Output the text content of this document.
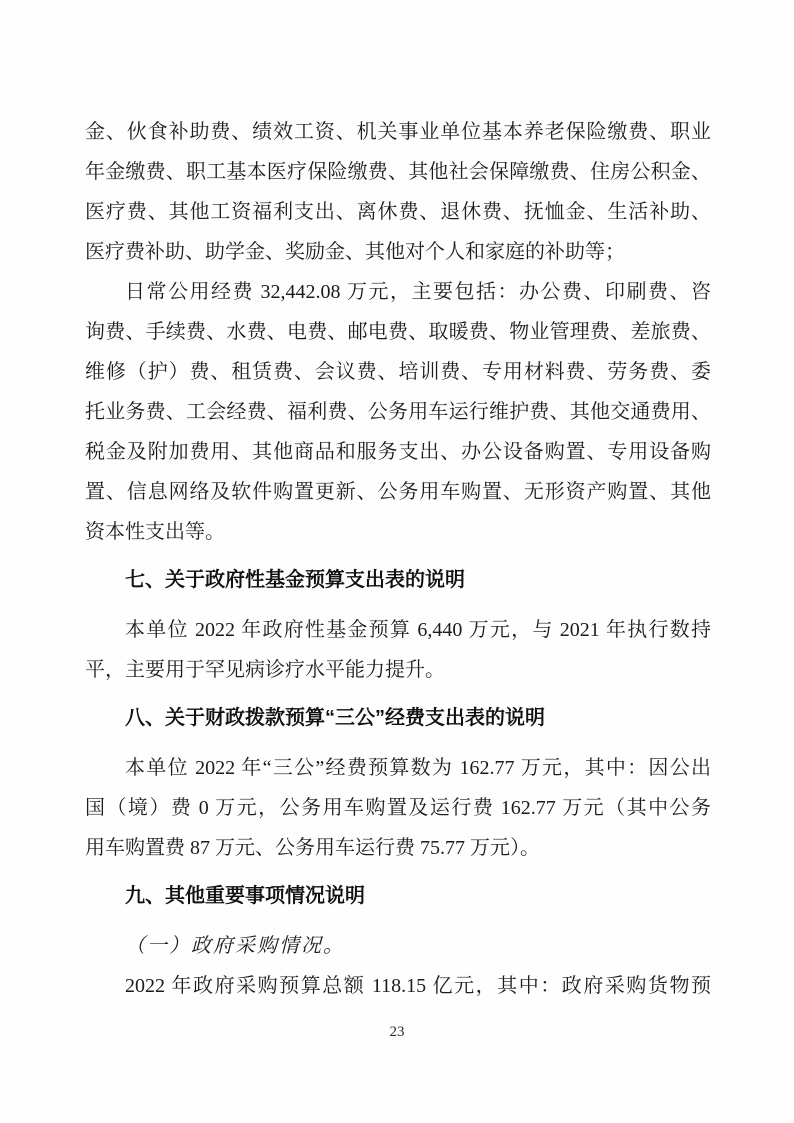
金、伙食补助费、绩效工资、机关事业单位基本养老保险缴费、职业
年金缴费、职工基本医疗保险缴费、其他社会保障缴费、住房公积金、
医疗费、其他工资福利支出、离休费、退休费、抚恤金、生活补助、
医疗费补助、助学金、奖励金、其他对个人和家庭的补助等；
日常公用经费 32,442.08 万元，主要包括：办公费、印刷费、咨
询费、手续费、水费、电费、邮电费、取暖费、物业管理费、差旅费、
维修（护）费、租赁费、会议费、培训费、专用材料费、劳务费、委
托业务费、工会经费、福利费、公务用车运行维护费、其他交通费用、
税金及附加费用、其他商品和服务支出、办公设备购置、专用设备购
置、信息网络及软件购置更新、公务用车购置、无形资产购置、其他
资本性支出等。
七、关于政府性基金预算支出表的说明
本单位 2022 年政府性基金预算 6,440 万元，与 2021 年执行数持
平，主要用于罕见病诊疗水平能力提升。
八、关于财政拨款预算“三公”经费支出表的说明
本单位 2022 年“三公”经费预算数为 162.77 万元，其中：因公出
国（境）费 0 万元，公务用车购置及运行费 162.77 万元（其中公务
用车购置费 87 万元、公务用车运行费 75.77 万元）。
九、其他重要事项情况说明
（一）政府采购情况。
2022 年政府采购预算总额 118.15 亿元，其中：政府采购货物预
23
